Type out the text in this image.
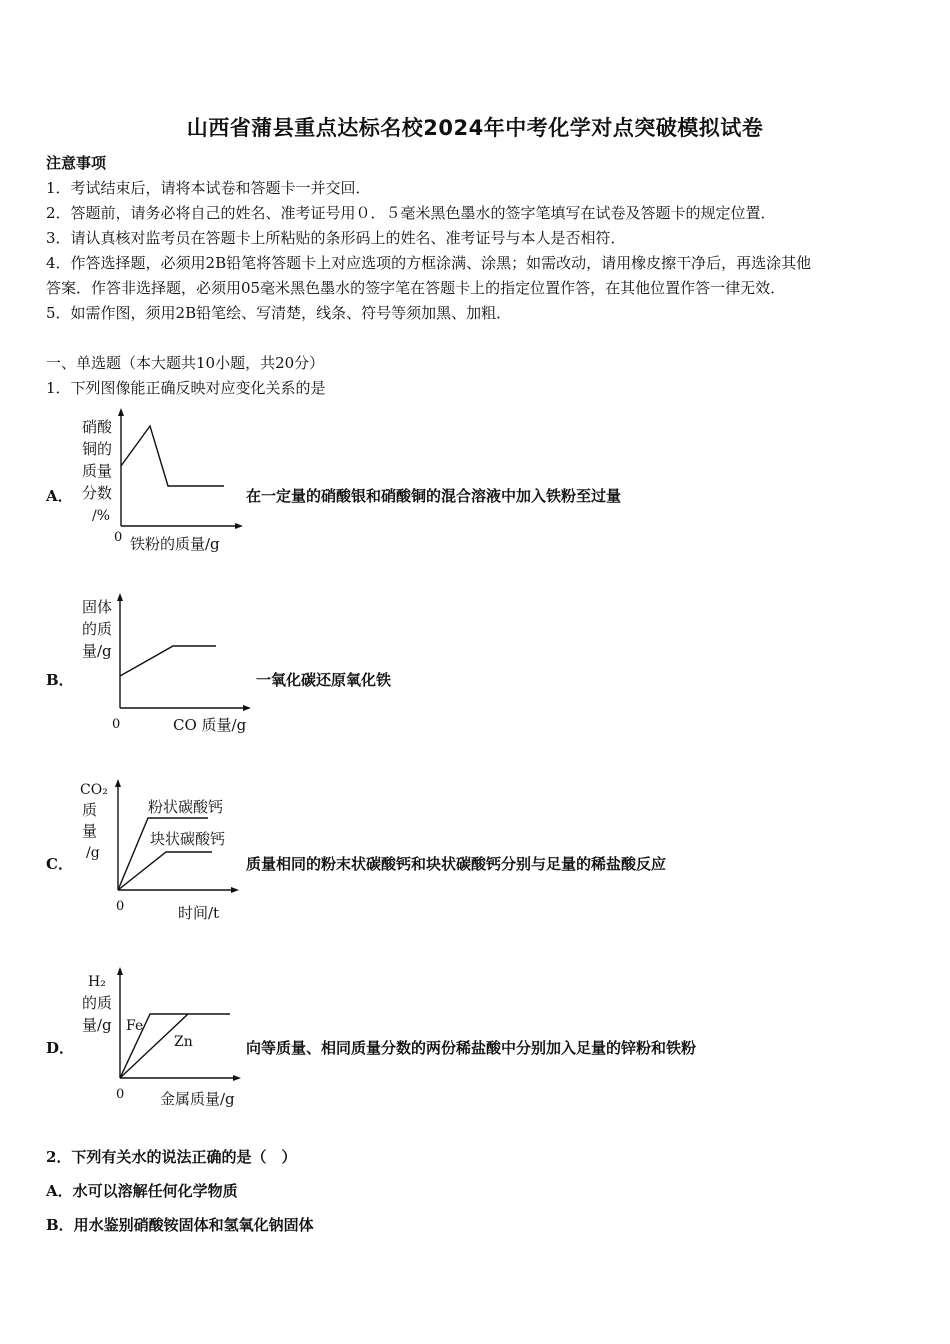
山西省蒲县重点达标名校2024年中考化学对点突破模拟试卷
注意事项
1．考试结束后，请将本试卷和答题卡一并交回．
2．答题前，请务必将自己的姓名、准考证号用０．５毫米黑色墨水的签字笔填写在试卷及答题卡的规定位置．
3．请认真核对监考员在答题卡上所粘贴的条形码上的姓名、准考证号与本人是否相符．
4．作答选择题，必须用2B铅笔将答题卡上对应选项的方框涂满、涂黑；如需改动，请用橡皮擦干净后，再选涂其他
答案．作答非选择题，必须用05毫米黑色墨水的签字笔在答题卡上的指定位置作答，在其他位置作答一律无效．
5．如需作图，须用2B铅笔绘、写清楚，线条、符号等须加黑、加粗．
一、单选题（本大题共10小题，共20分）
1．下列图像能正确反映对应变化关系的是
A．
硝酸
铜的
质量
分数
/%
0 铁粉的质量/g
在一定量的硝酸银和硝酸铜的混合溶液中加入铁粉至过量
B．
固体
的质
量/g
0	CO 质量/g
一氧化碳还原氧化铁
C．
CO₂
质
量
/g
粉状碳酸钙
块状碳酸钙
0	时间/t
质量相同的粉末状碳酸钙和块状碳酸钙分别与足量的稀盐酸反应
D．
H₂
的质
量/g Fe
Zn
0 金属质量/g
向等质量、相同质量分数的两份稀盐酸中分别加入足量的锌粉和铁粉
2．下列有关水的说法正确的是（　）
A．水可以溶解任何化学物质
B．用水鉴别硝酸铵固体和氢氧化钠固体
